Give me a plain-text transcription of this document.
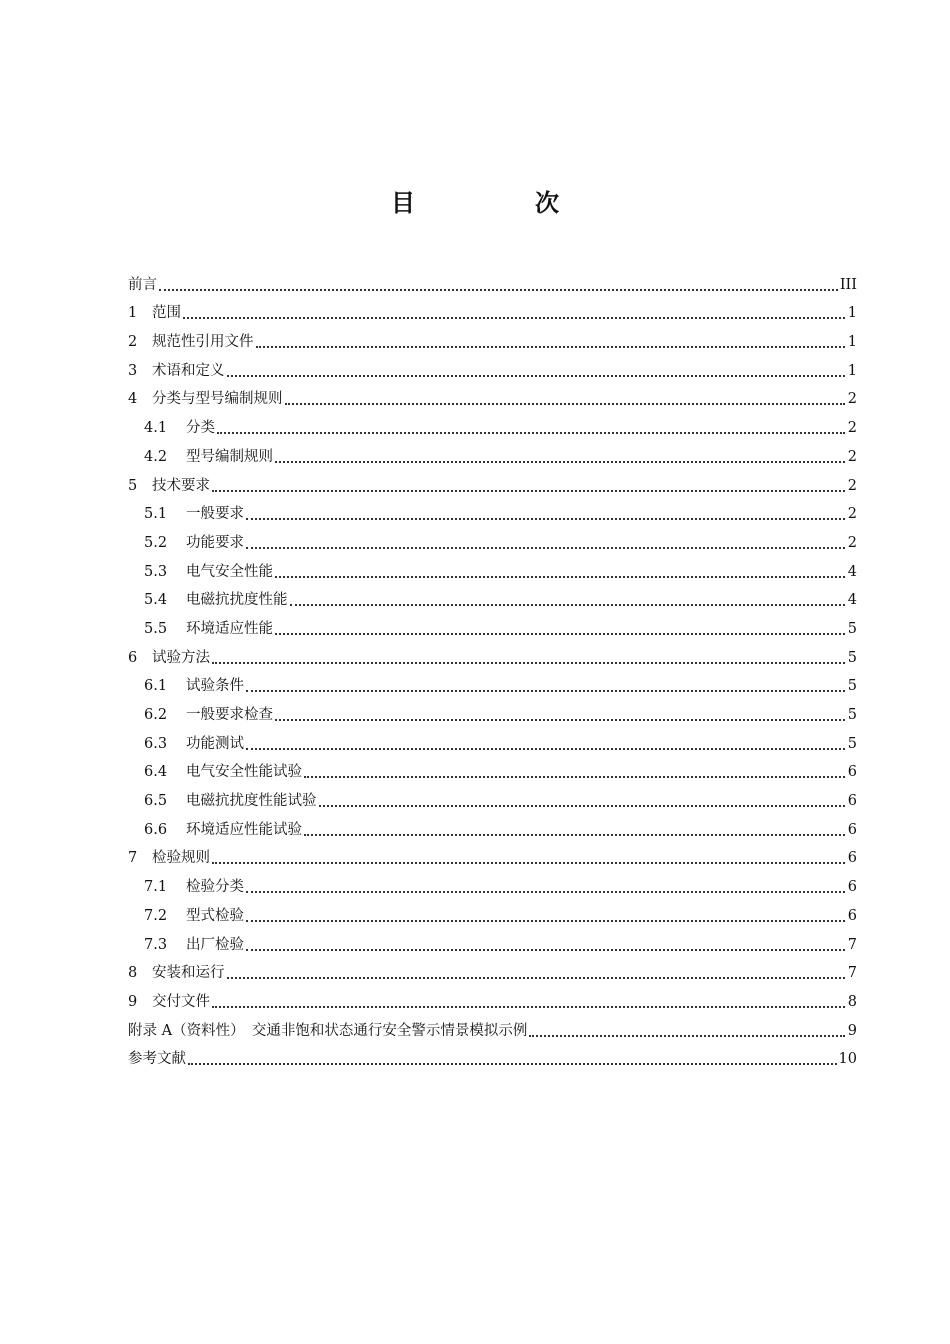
目　次
前言	III
1	范围	1
2	规范性引用文件	1
3	术语和定义	1
4	分类与型号编制规则	2
4.1	分类	2
4.2	型号编制规则	2
5	技术要求	2
5.1	一般要求	2
5.2	功能要求	2
5.3	电气安全性能	4
5.4	电磁抗扰度性能	4
5.5	环境适应性能	5
6	试验方法	5
6.1	试验条件	5
6.2	一般要求检查	5
6.3	功能测试	5
6.4	电气安全性能试验	6
6.5	电磁抗扰度性能试验	6
6.6	环境适应性能试验	6
7	检验规则	6
7.1	检验分类	6
7.2	型式检验	6
7.3	出厂检验	7
8	安装和运行	7
9	交付文件	8
附录 A（资料性）　交通非饱和状态通行安全警示情景模拟示例	9
参考文献	10
